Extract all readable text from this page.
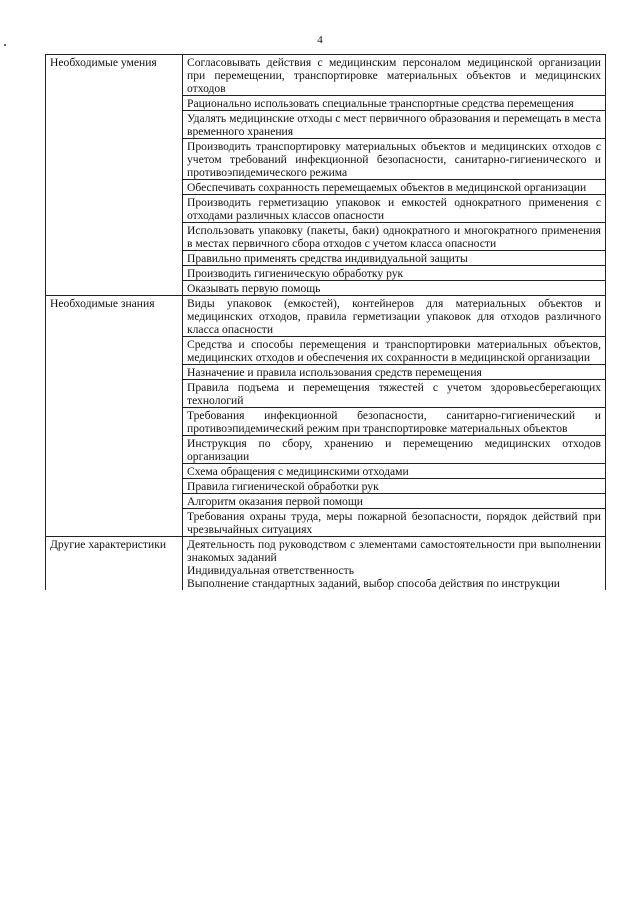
4
Необходимые умения	Согласовывать действия с медицинским персоналом медицинской организации при перемещении, транспортировке материальных объектов и медицинских отходов
	Рационально использовать специальные транспортные средства перемещения
	Удалять медицинские отходы с мест первичного образования и перемещать в места временного хранения
	Производить транспортировку материальных объектов и медицинских отходов с учетом требований инфекционной безопасности, санитарно-гигиенического и противоэпидемического режима
	Обеспечивать сохранность перемещаемых объектов в медицинской организации
	Производить герметизацию упаковок и емкостей однократного применения с отходами различных классов опасности
	Использовать упаковку (пакеты, баки) однократного и многократного применения в местах первичного сбора отходов с учетом класса опасности
	Правильно применять средства индивидуальной защиты
	Производить гигиеническую обработку рук
	Оказывать первую помощь
Необходимые знания	Виды упаковок (емкостей), контейнеров для материальных объектов и медицинских отходов, правила герметизации упаковок для отходов различного класса опасности
	Средства и способы перемещения и транспортировки материальных объектов, медицинских отходов и обеспечения их сохранности в медицинской организации
	Назначение и правила использования средств перемещения
	Правила подъема и перемещения тяжестей с учетом здоровьесберегающих технологий
	Требования инфекционной безопасности, санитарно-гигиенический и противоэпидемический режим при транспортировке материальных объектов
	Инструкция по сбору, хранению и перемещению медицинских отходов организации
	Схема обращения с медицинскими отходами
	Правила гигиенической обработки рук
	Алгоритм оказания первой помощи
	Требования охраны труда, меры пожарной безопасности, порядок действий при чрезвычайных ситуациях
Другие характеристики	Деятельность под руководством с элементами самостоятельности при выполнении знакомых заданий
Индивидуальная ответственность
Выполнение стандартных заданий, выбор способа действия по инструкции
